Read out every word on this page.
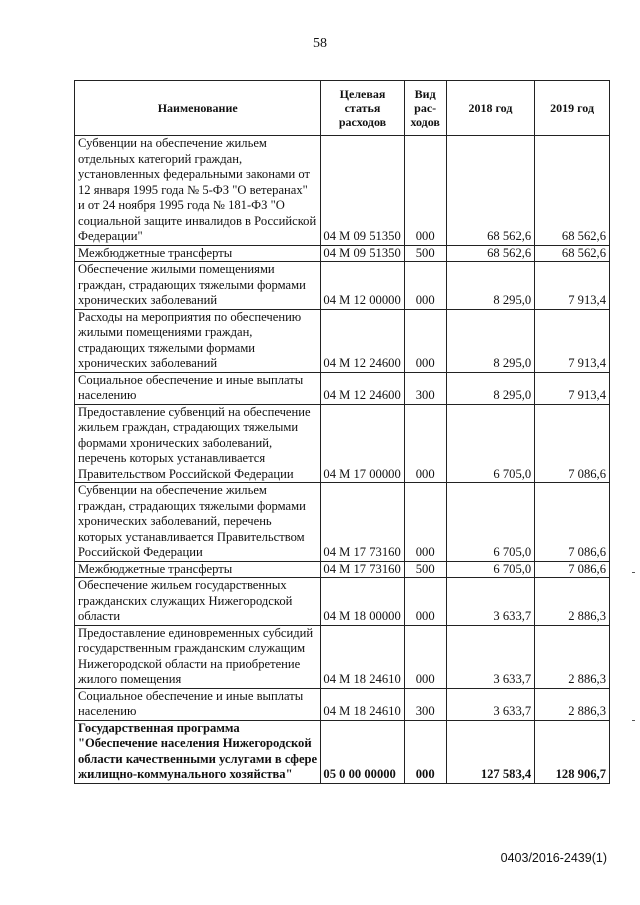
58
Наименование	Целевая статья расходов	Вид рас-ходов	2018 год	2019 год
Субвенции на обеспечение жильем отдельных категорий граждан, установленных федеральными законами от 12 января 1995 года № 5-ФЗ "О ветеранах" и от 24 ноября 1995 года № 181-ФЗ "О социальной защите инвалидов в Российской Федерации"	04 М 09 51350	000	68 562,6	68 562,6
Межбюджетные трансферты	04 М 09 51350	500	68 562,6	68 562,6
Обеспечение жилыми помещениями граждан, страдающих тяжелыми формами хронических заболеваний	04 М 12 00000	000	8 295,0	7 913,4
Расходы на мероприятия по обеспечению жилыми помещениями граждан, страдающих тяжелыми формами хронических заболеваний	04 М 12 24600	000	8 295,0	7 913,4
Социальное обеспечение и иные выплаты населению	04 М 12 24600	300	8 295,0	7 913,4
Предоставление субвенций на обеспечение жильем граждан, страдающих тяжелыми формами хронических заболеваний, перечень которых устанавливается Правительством Российской Федерации	04 М 17 00000	000	6 705,0	7 086,6
Субвенции на обеспечение жильем граждан, страдающих тяжелыми формами хронических заболеваний, перечень которых устанавливается Правительством Российской Федерации	04 М 17 73160	000	6 705,0	7 086,6
Межбюджетные трансферты	04 М 17 73160	500	6 705,0	7 086,6
Обеспечение жильем государственных гражданских служащих Нижегородской области	04 М 18 00000	000	3 633,7	2 886,3
Предоставление единовременных субсидий государственным гражданским служащим Нижегородской области на приобретение жилого помещения	04 М 18 24610	000	3 633,7	2 886,3
Социальное обеспечение и иные выплаты населению	04 М 18 24610	300	3 633,7	2 886,3
Государственная программа "Обеспечение населения Нижегородской области качественными услугами в сфере жилищно-коммунального хозяйства"	05 0 00 00000	000	127 583,4	128 906,7
0403/2016-2439(1)
